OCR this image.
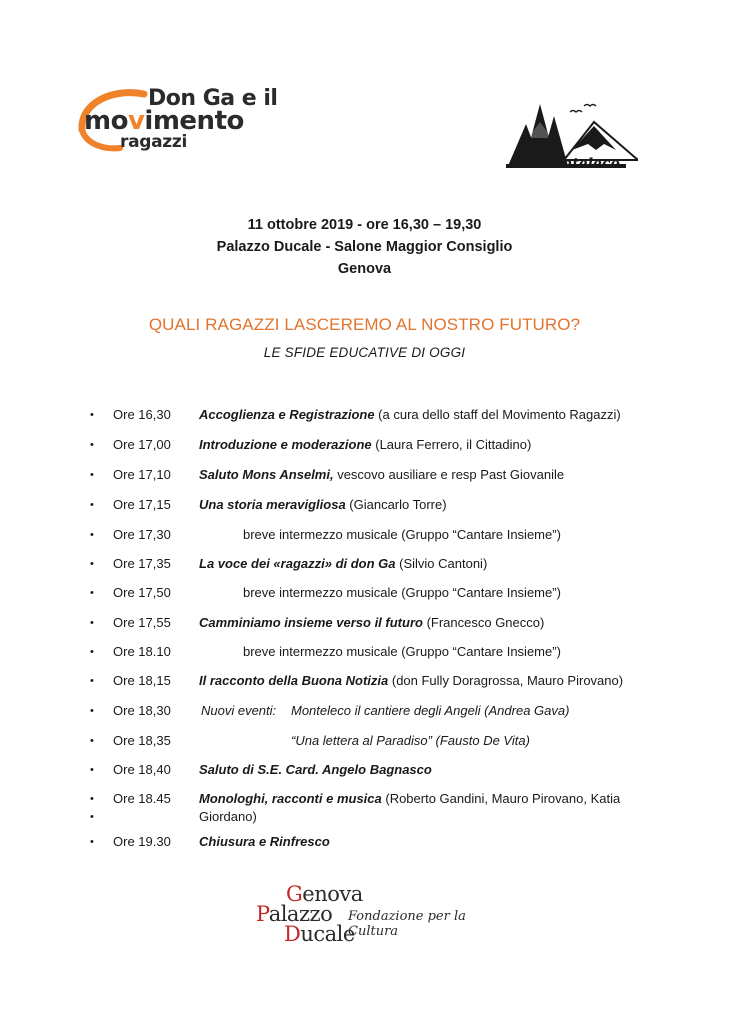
Don Ga e il
movimento
ragazzi
monteleco
11 ottobre 2019 - ore 16,30 – 19,30
Palazzo Ducale - Salone Maggior Consiglio
Genova
QUALI RAGAZZI LASCEREMO AL NOSTRO FUTURO?
LE SFIDE EDUCATIVE DI OGGI
• Ore 16,30 Accoglienza e Registrazione (a cura dello staff del Movimento Ragazzi)
• Ore 17,00 Introduzione e moderazione (Laura Ferrero, il Cittadino)
• Ore 17,10 Saluto Mons Anselmi, vescovo ausiliare e resp Past Giovanile
• Ore 17,15 Una storia meravigliosa (Giancarlo Torre)
• Ore 17,30	breve intermezzo musicale (Gruppo “Cantare Insieme”)
• Ore 17,35 La voce dei «ragazzi» di don Ga (Silvio Cantoni)
• Ore 17,50	breve intermezzo musicale (Gruppo “Cantare Insieme”)
• Ore 17,55 Camminiamo insieme verso il futuro (Francesco Gnecco)
• Ore 18.10	breve intermezzo musicale (Gruppo “Cantare Insieme”)
• Ore 18,15 Il racconto della Buona Notizia (don Fully Doragrossa, Mauro Pirovano)
• Ore 18,30 Nuovi eventi: Monteleco il cantiere degli Angeli (Andrea Gava)
• Ore 18,35	“Una lettera al Paradiso” (Fausto De Vita)
• Ore 18,40 Saluto di S.E. Card. Angelo Bagnasco
• Ore 18.45 Monologhi, racconti e musica (Roberto Gandini, Mauro Pirovano, Katia
•	Giordano)
• Ore 19.30 Chiusura e Rinfresco
Genova
Palazzo Fondazione per la Cultura
Ducale
